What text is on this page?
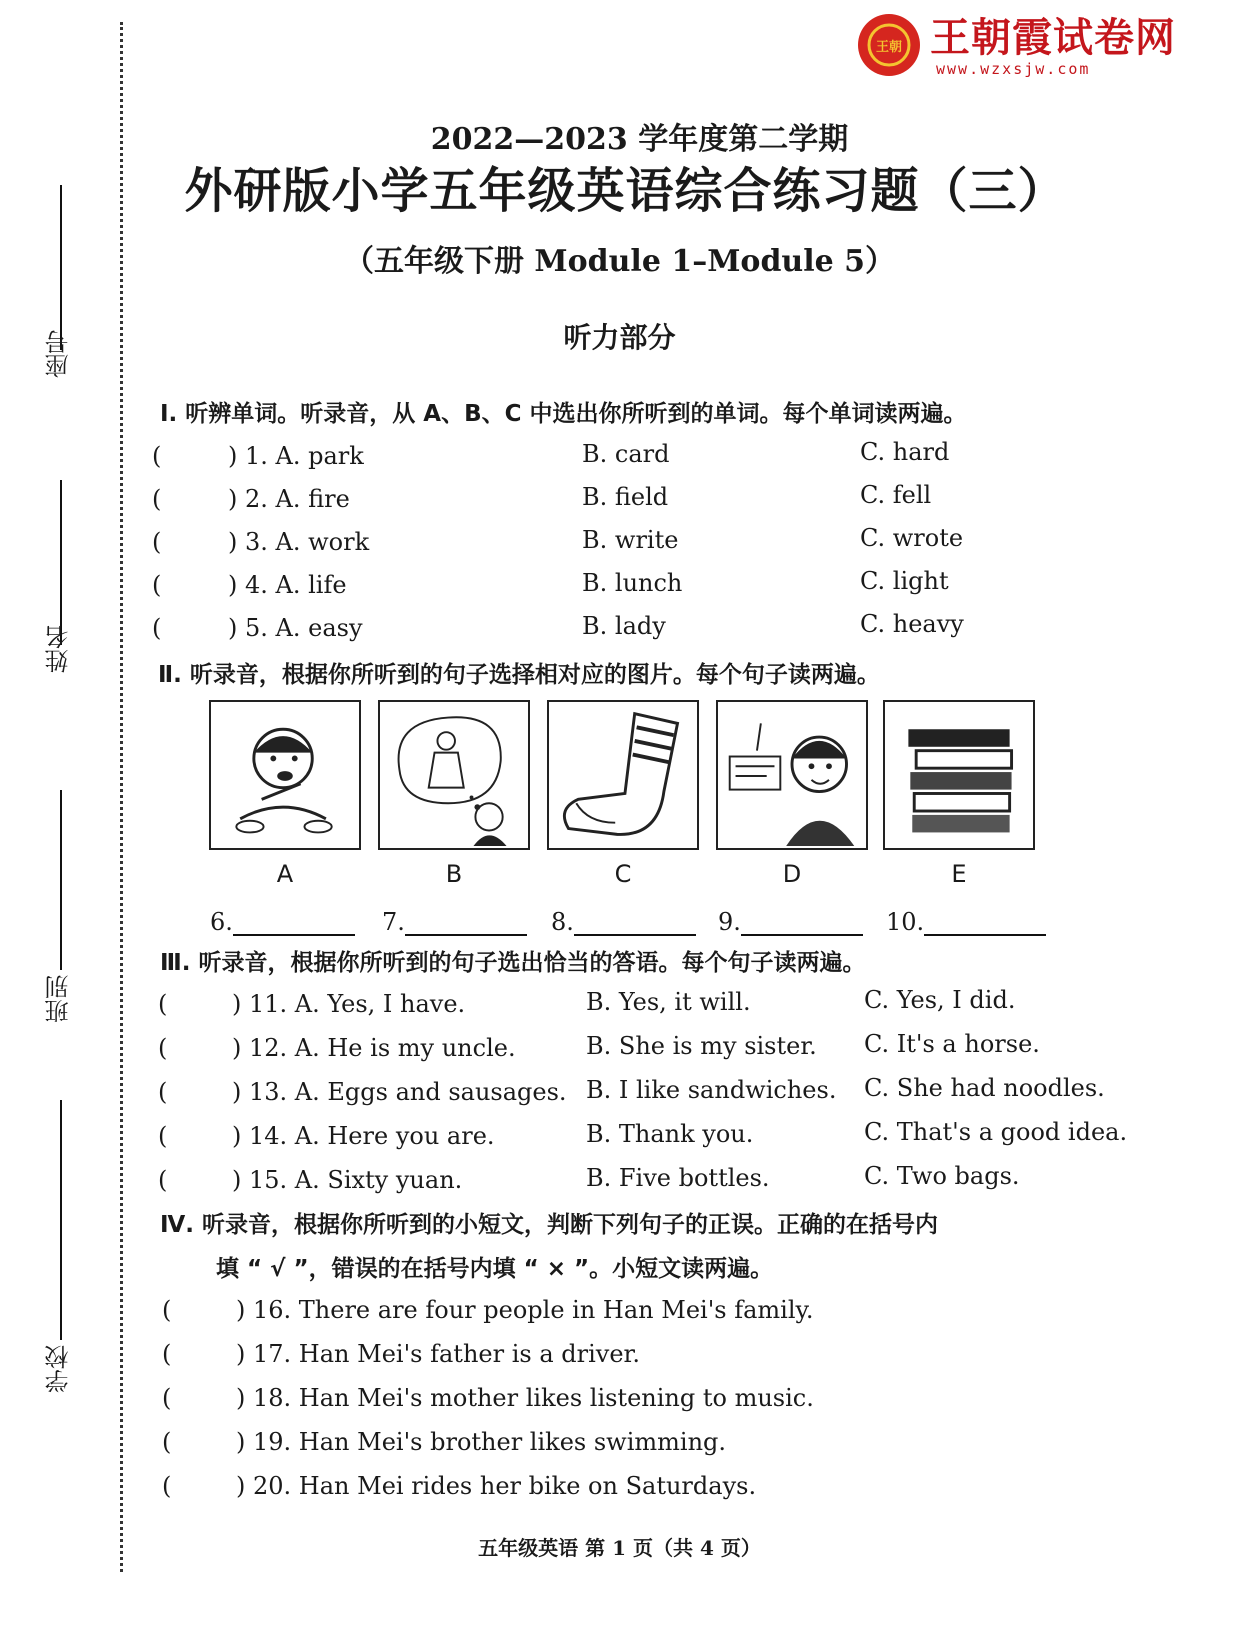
王朝 王朝霞试卷网
www.wzxsjw.com
座号
姓名
班别
学校
2022—2023 学年度第二学期
外研版小学五年级英语综合练习题（三）
（五年级下册 Module 1–Module 5）
听力部分
Ⅰ. 听辨单词。听录音，从 A、B、C 中选出你所听到的单词。每个单词读两遍。
(	) 1. A. park	B. card	C. hard
(	) 2. A. fire	B. field	C. fell
(	) 3. A. work	B. write	C. wrote
(	) 4. A. life	B. lunch	C. light
(	) 5. A. easy	B. lady	C. heavy
Ⅱ. 听录音，根据你所听到的句子选择相对应的图片。每个句子读两遍。
A	B	C	D	E
6.	7.	8.	9.	10.
Ⅲ. 听录音，根据你所听到的句子选出恰当的答语。每个句子读两遍。
(	) 11. A. Yes, I have.	B. Yes, it will.	C. Yes, I did.
(	) 12. A. He is my uncle.	B. She is my sister. C. It's a horse.
(	) 13. A. Eggs and sausages. B. I like sandwiches. C. She had noodles.
(	) 14. A. Here you are.	B. Thank you.	C. That's a good idea.
(	) 15. A. Sixty yuan.	B. Five bottles.	C. Two bags.
Ⅳ. 听录音，根据你所听到的小短文，判断下列句子的正误。正确的在括号内
填 “ √ ”，错误的在括号内填 “ × ”。小短文读两遍。
(	) 16. There are four people in Han Mei's family.
(	) 17. Han Mei's father is a driver.
(	) 18. Han Mei's mother likes listening to music.
(	) 19. Han Mei's brother likes swimming.
(	) 20. Han Mei rides her bike on Saturdays.
五年级英语 第 1 页（共 4 页）
